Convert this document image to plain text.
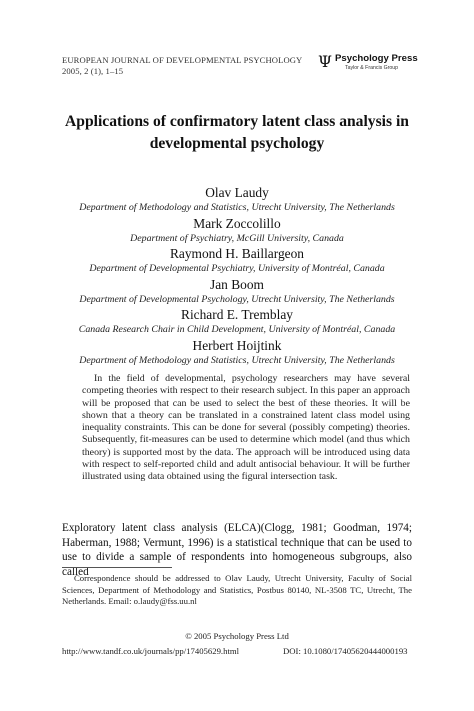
EUROPEAN JOURNAL OF DEVELOPMENTAL PSYCHOLOGY
2005, 2 (1), 1–15	Ψ Psychology Press
Taylor & Francis Group
Applications of confirmatory latent class analysis in
developmental psychology
Olav Laudy
Department of Methodology and Statistics, Utrecht University, The Netherlands
Mark Zoccolillo
Department of Psychiatry, McGill University, Canada
Raymond H. Baillargeon
Department of Developmental Psychiatry, University of Montréal, Canada
Jan Boom
Department of Developmental Psychology, Utrecht University, The Netherlands
Richard E. Tremblay
Canada Research Chair in Child Development, University of Montréal, Canada
Herbert Hoijtink
Department of Methodology and Statistics, Utrecht University, The Netherlands
In the field of developmental, psychology researchers may have several competing theories with respect to their research subject. In this paper an approach will be proposed that can be used to select the best of these theories. It will be shown that a theory can be translated in a constrained latent class model using inequality constraints. This can be done for several (possibly competing) theories. Subsequently, fit-measures can be used to determine which model (and thus which theory) is supported most by the data. The approach will be introduced using data with respect to self-reported child and adult antisocial behaviour. It will be further illustrated using data obtained using the figural intersection task.
Exploratory latent class analysis (ELCA)(Clogg, 1981; Goodman, 1974; Haberman, 1988; Vermunt, 1996) is a statistical technique that can be used to use to divide a sample of respondents into homogeneous subgroups, also called
Correspondence should be addressed to Olav Laudy, Utrecht University, Faculty of Social Sciences, Department of Methodology and Statistics, Postbus 80140, NL-3508 TC, Utrecht, The Netherlands. Email: o.laudy@fss.uu.nl
© 2005 Psychology Press Ltd
http://www.tandf.co.uk/journals/pp/17405629.html	DOI: 10.1080/17405620444000193
